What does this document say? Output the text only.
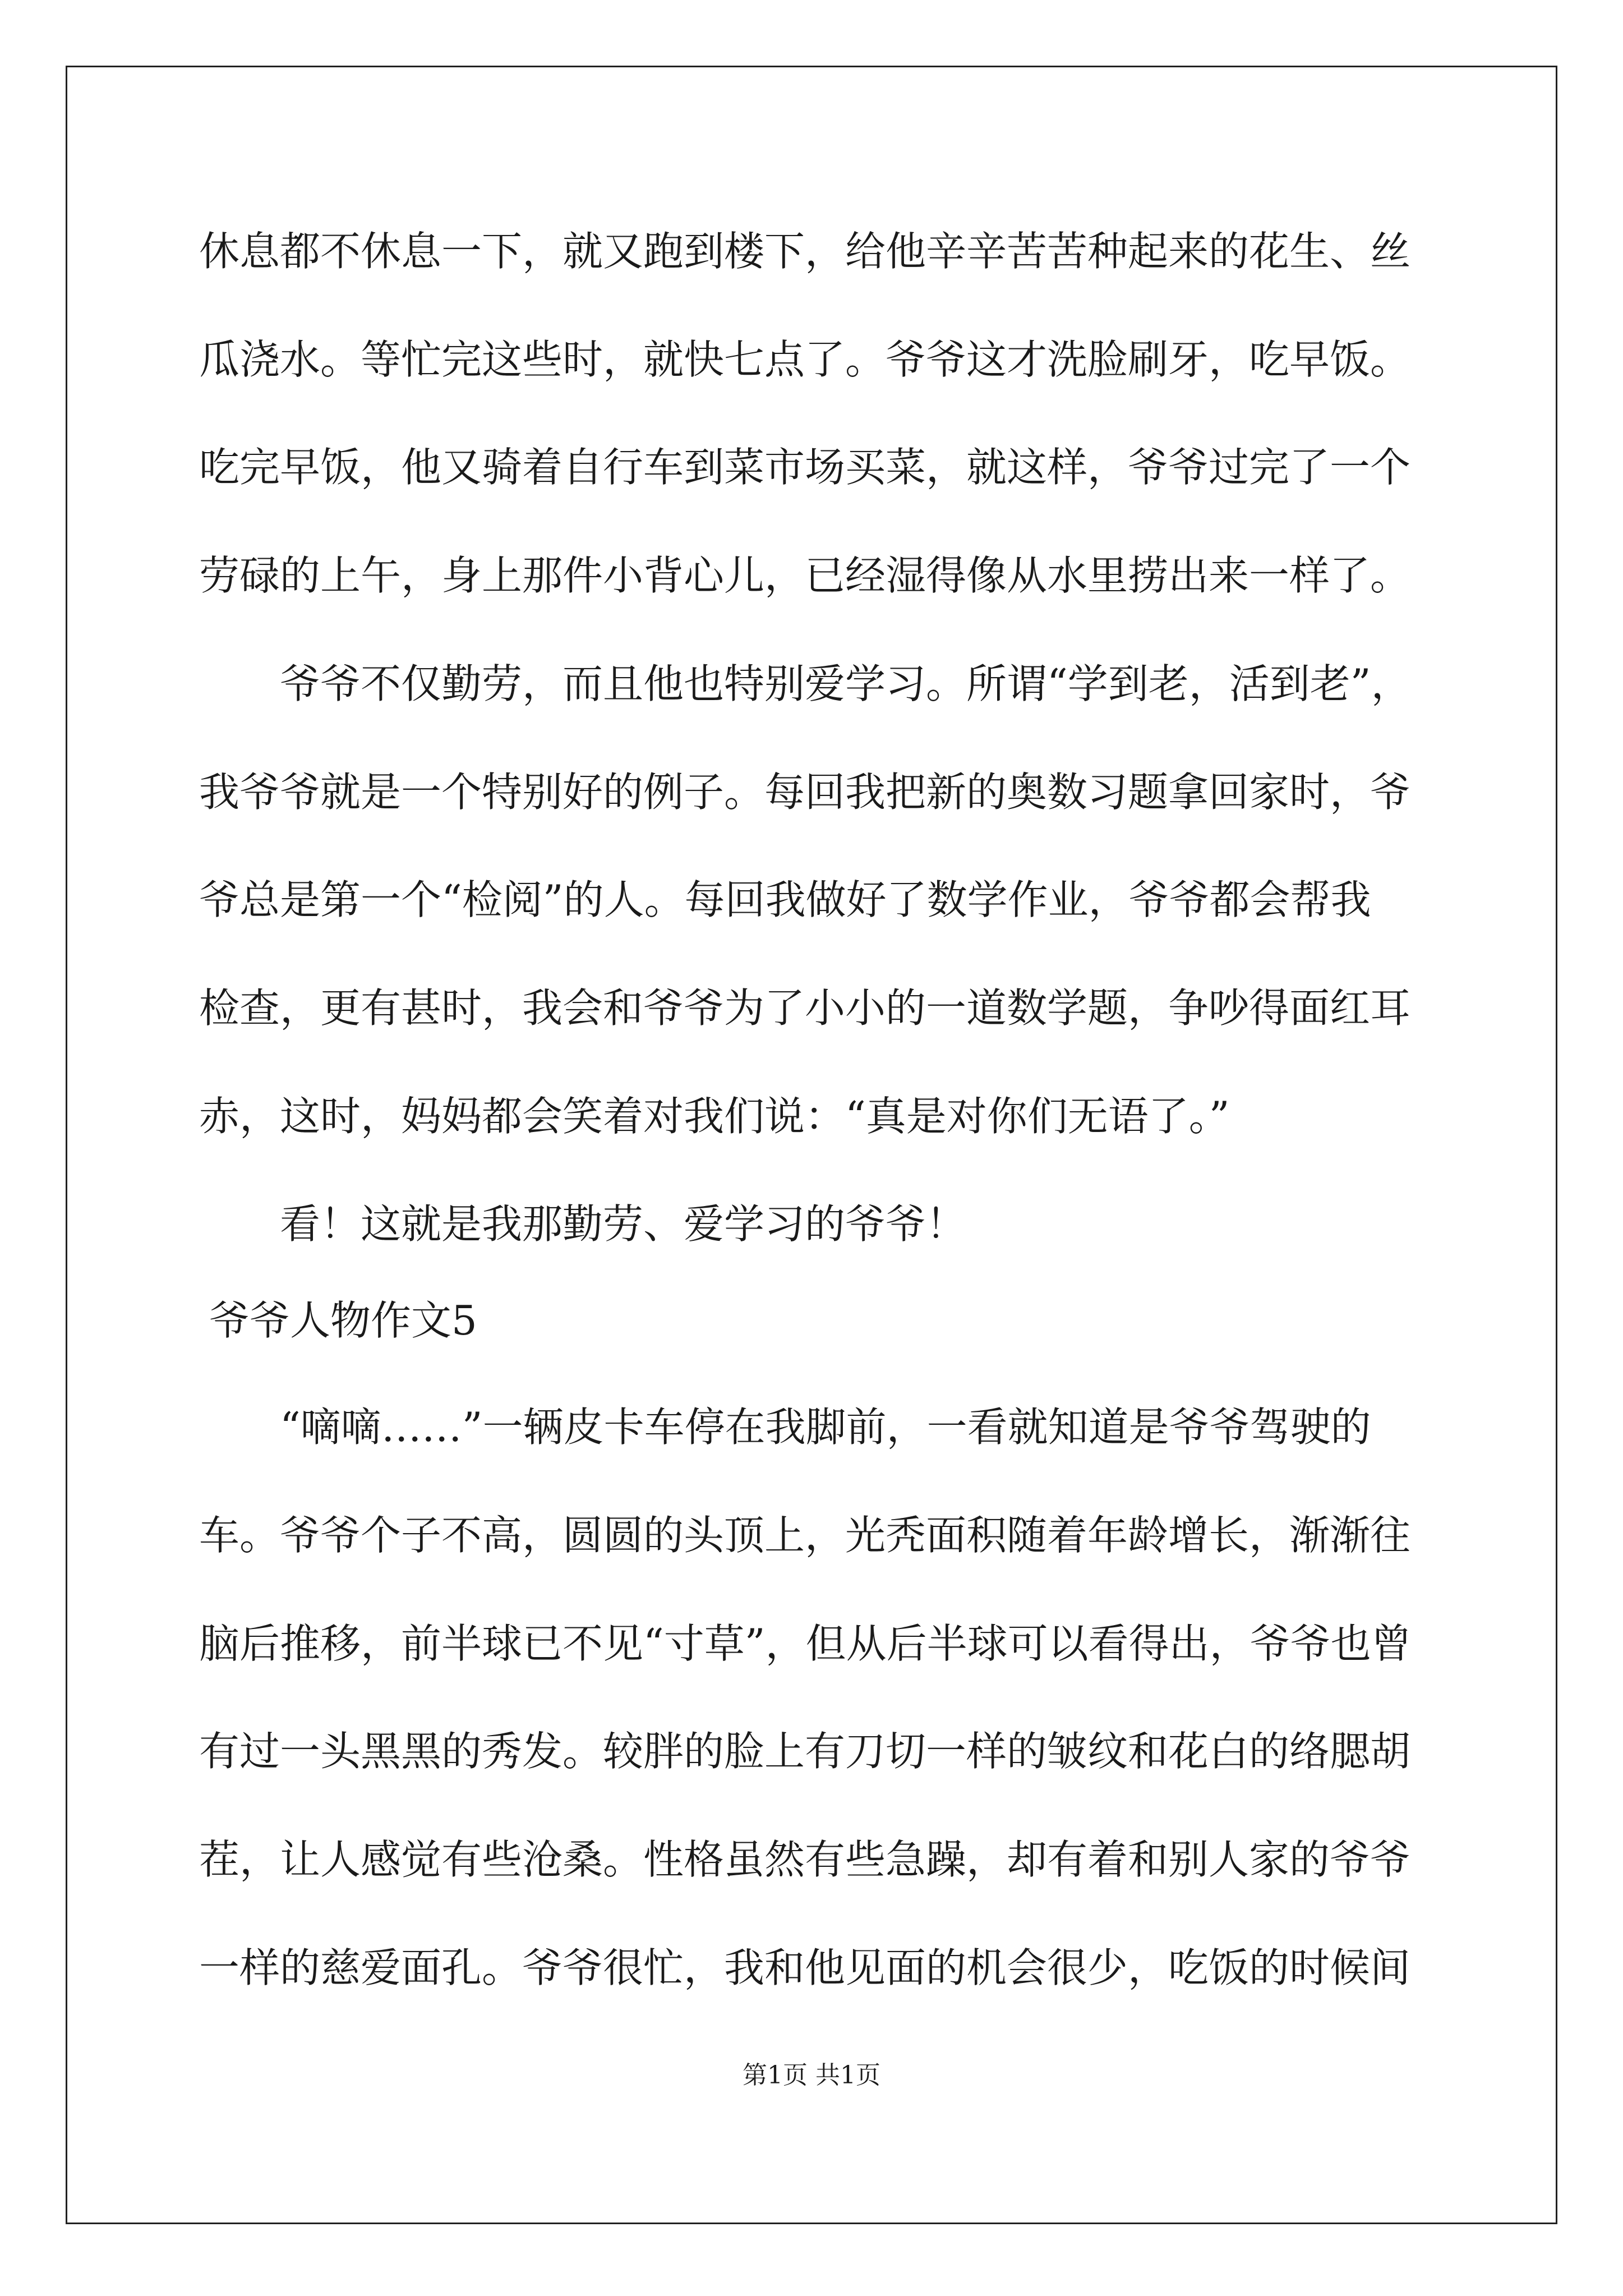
休息都不休息一下，就又跑到楼下，给他辛辛苦苦种起来的花生、丝
瓜浇水。等忙完这些时，就快七点了。爷爷这才洗脸刷牙，吃早饭。
吃完早饭，他又骑着自行车到菜市场买菜，就这样，爷爷过完了一个
劳碌的上午，身上那件小背心儿，已经湿得像从水里捞出来一样了。
爷爷不仅勤劳，而且他也特别爱学习。所谓“学到老，活到老”，
我爷爷就是一个特别好的例子。每回我把新的奥数习题拿回家时，爷
爷总是第一个“检阅”的人。每回我做好了数学作业，爷爷都会帮我
检查，更有甚时，我会和爷爷为了小小的一道数学题，争吵得面红耳
赤，这时，妈妈都会笑着对我们说：“真是对你们无语了。”
看！这就是我那勤劳、爱学习的爷爷！
爷爷人物作文5
“嘀嘀……”一辆皮卡车停在我脚前，一看就知道是爷爷驾驶的
车。爷爷个子不高，圆圆的头顶上，光秃面积随着年龄增长，渐渐往
脑后推移，前半球已不见“寸草”，但从后半球可以看得出，爷爷也曾
有过一头黑黑的秀发。较胖的脸上有刀切一样的皱纹和花白的络腮胡
茬，让人感觉有些沧桑。性格虽然有些急躁，却有着和别人家的爷爷
一样的慈爱面孔。爷爷很忙，我和他见面的机会很少，吃饭的时候间
第1页 共1页
